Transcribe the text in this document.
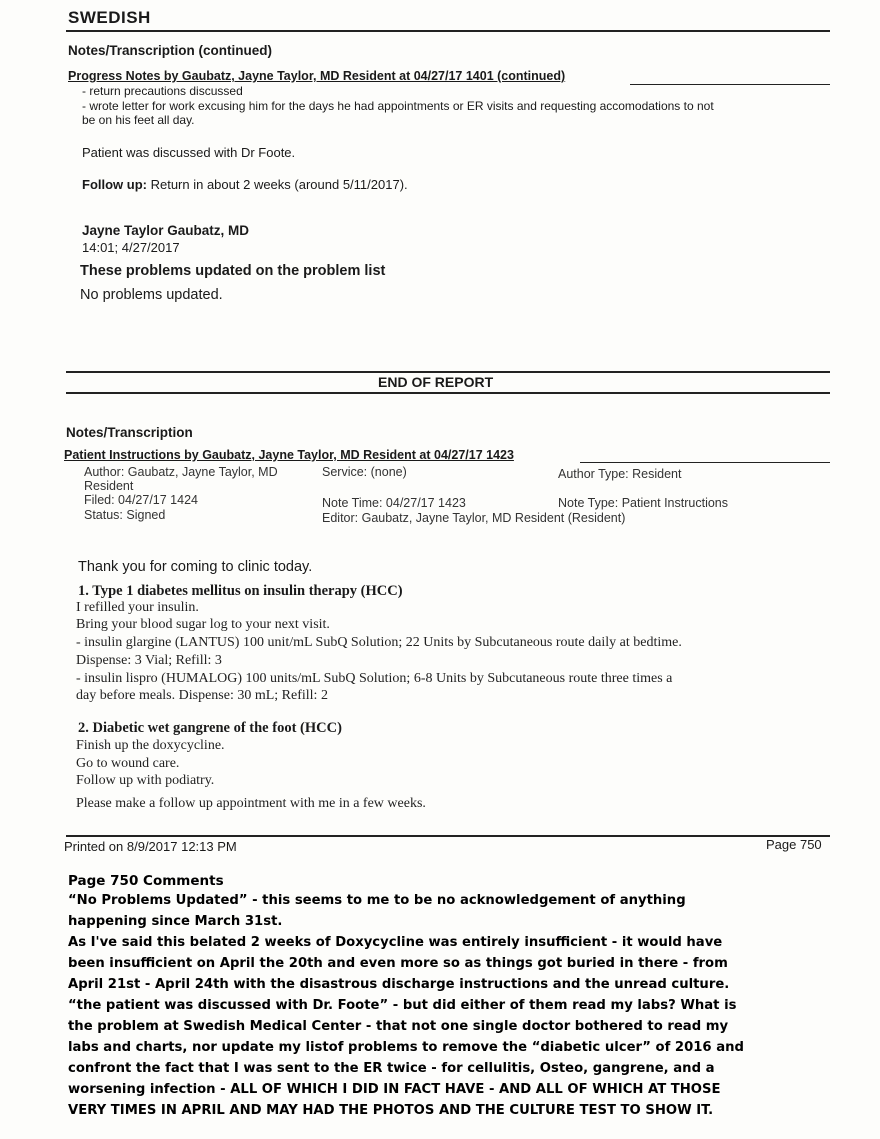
SWEDISH
Notes/Transcription (continued)
Progress Notes by Gaubatz, Jayne Taylor, MD Resident at 04/27/17 1401 (continued)
- return precautions discussed
- wrote letter for work excusing him for the days he had appointments or ER visits and requesting accomodations to not
be on his feet all day.
Patient was discussed with Dr Foote.
Follow up: Return in about 2 weeks (around 5/11/2017).
Jayne Taylor Gaubatz, MD
14:01; 4/27/2017
These problems updated on the problem list
No problems updated.
END OF REPORT
Notes/Transcription
Patient Instructions by Gaubatz, Jayne Taylor, MD Resident at 04/27/17 1423
Author: Gaubatz, Jayne Taylor, MD
Resident
Service: (none)	Author Type: Resident
Filed: 04/27/17 1424	Note Time: 04/27/17 1423	Note Type: Patient Instructions
Status: Signed	Editor: Gaubatz, Jayne Taylor, MD Resident (Resident)
Thank you for coming to clinic today.
1. Type 1 diabetes mellitus on insulin therapy (HCC)
I refilled your insulin.
Bring your blood sugar log to your next visit.
- insulin glargine (LANTUS) 100 unit/mL SubQ Solution; 22 Units by Subcutaneous route daily at bedtime.
Dispense: 3 Vial; Refill: 3
- insulin lispro (HUMALOG) 100 units/mL SubQ Solution; 6-8 Units by Subcutaneous route three times a
day before meals. Dispense: 30 mL; Refill: 2
2. Diabetic wet gangrene of the foot (HCC)
Finish up the doxycycline.
Go to wound care.
Follow up with podiatry.
Please make a follow up appointment with me in a few weeks.
Printed on 8/9/2017 12:13 PM	Page 750
Page 750 Comments
“No Problems Updated” - this seems to me to be no acknowledgement of anything
happening since March 31st.
As I've said this belated 2 weeks of Doxycycline was entirely insufficient - it would have
been insufficient on April the 20th and even more so as things got buried in there - from
April 21st - April 24th with the disastrous discharge instructions and the unread culture.
“the patient was discussed with Dr. Foote” - but did either of them read my labs? What is
the problem at Swedish Medical Center - that not one single doctor bothered to read my
labs and charts, nor update my listof problems to remove the “diabetic ulcer” of 2016 and
confront the fact that I was sent to the ER twice - for cellulitis, Osteo, gangrene, and a
worsening infection - ALL OF WHICH I DID IN FACT HAVE - AND ALL OF WHICH AT THOSE
VERY TIMES IN APRIL AND MAY HAD THE PHOTOS AND THE CULTURE TEST TO SHOW IT.
